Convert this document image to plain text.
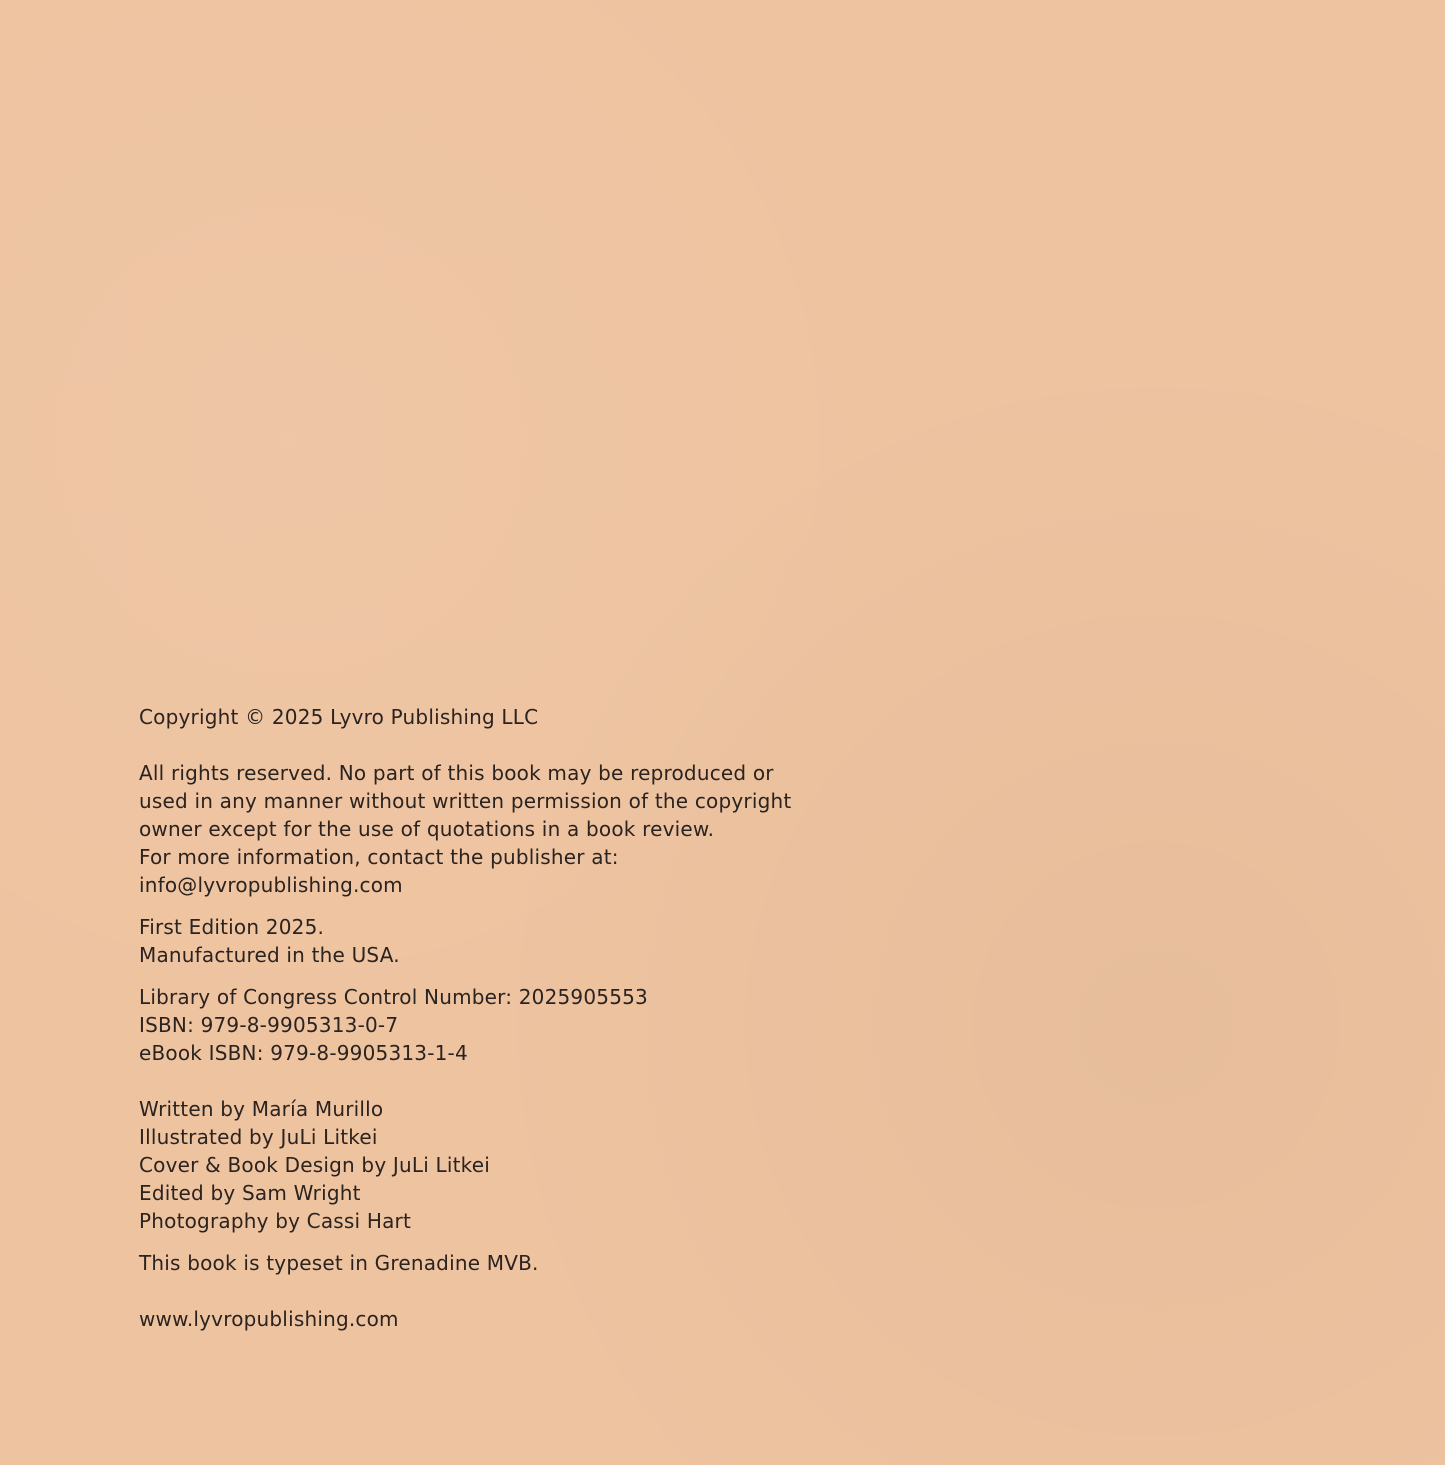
Copyright © 2025 Lyvro Publishing LLC
All rights reserved. No part of this book may be reproduced or
used in any manner without written permission of the copyright
owner except for the use of quotations in a book review.
For more information, contact the publisher at:
info@lyvropublishing.com
First Edition 2025.
Manufactured in the USA.
Library of Congress Control Number: 2025905553
ISBN: 979-8-9905313-0-7
eBook ISBN: 979-8-9905313-1-4
Written by María Murillo
Illustrated by JuLi Litkei
Cover & Book Design by JuLi Litkei
Edited by Sam Wright
Photography by Cassi Hart
This book is typeset in Grenadine MVB.
www.lyvropublishing.com
